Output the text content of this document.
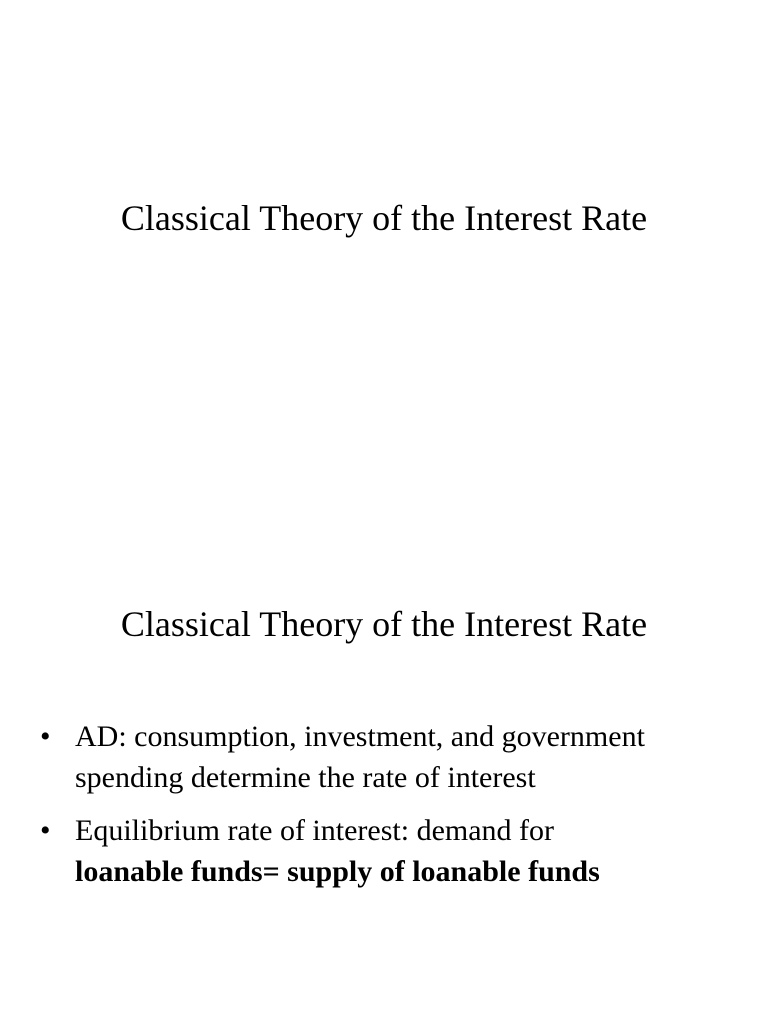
Classical Theory of the Interest Rate
Classical Theory of the Interest Rate
• AD: consumption, investment, and government spending determine the rate of interest
• Equilibrium rate of interest: demand for
loanable funds= supply of loanable funds
